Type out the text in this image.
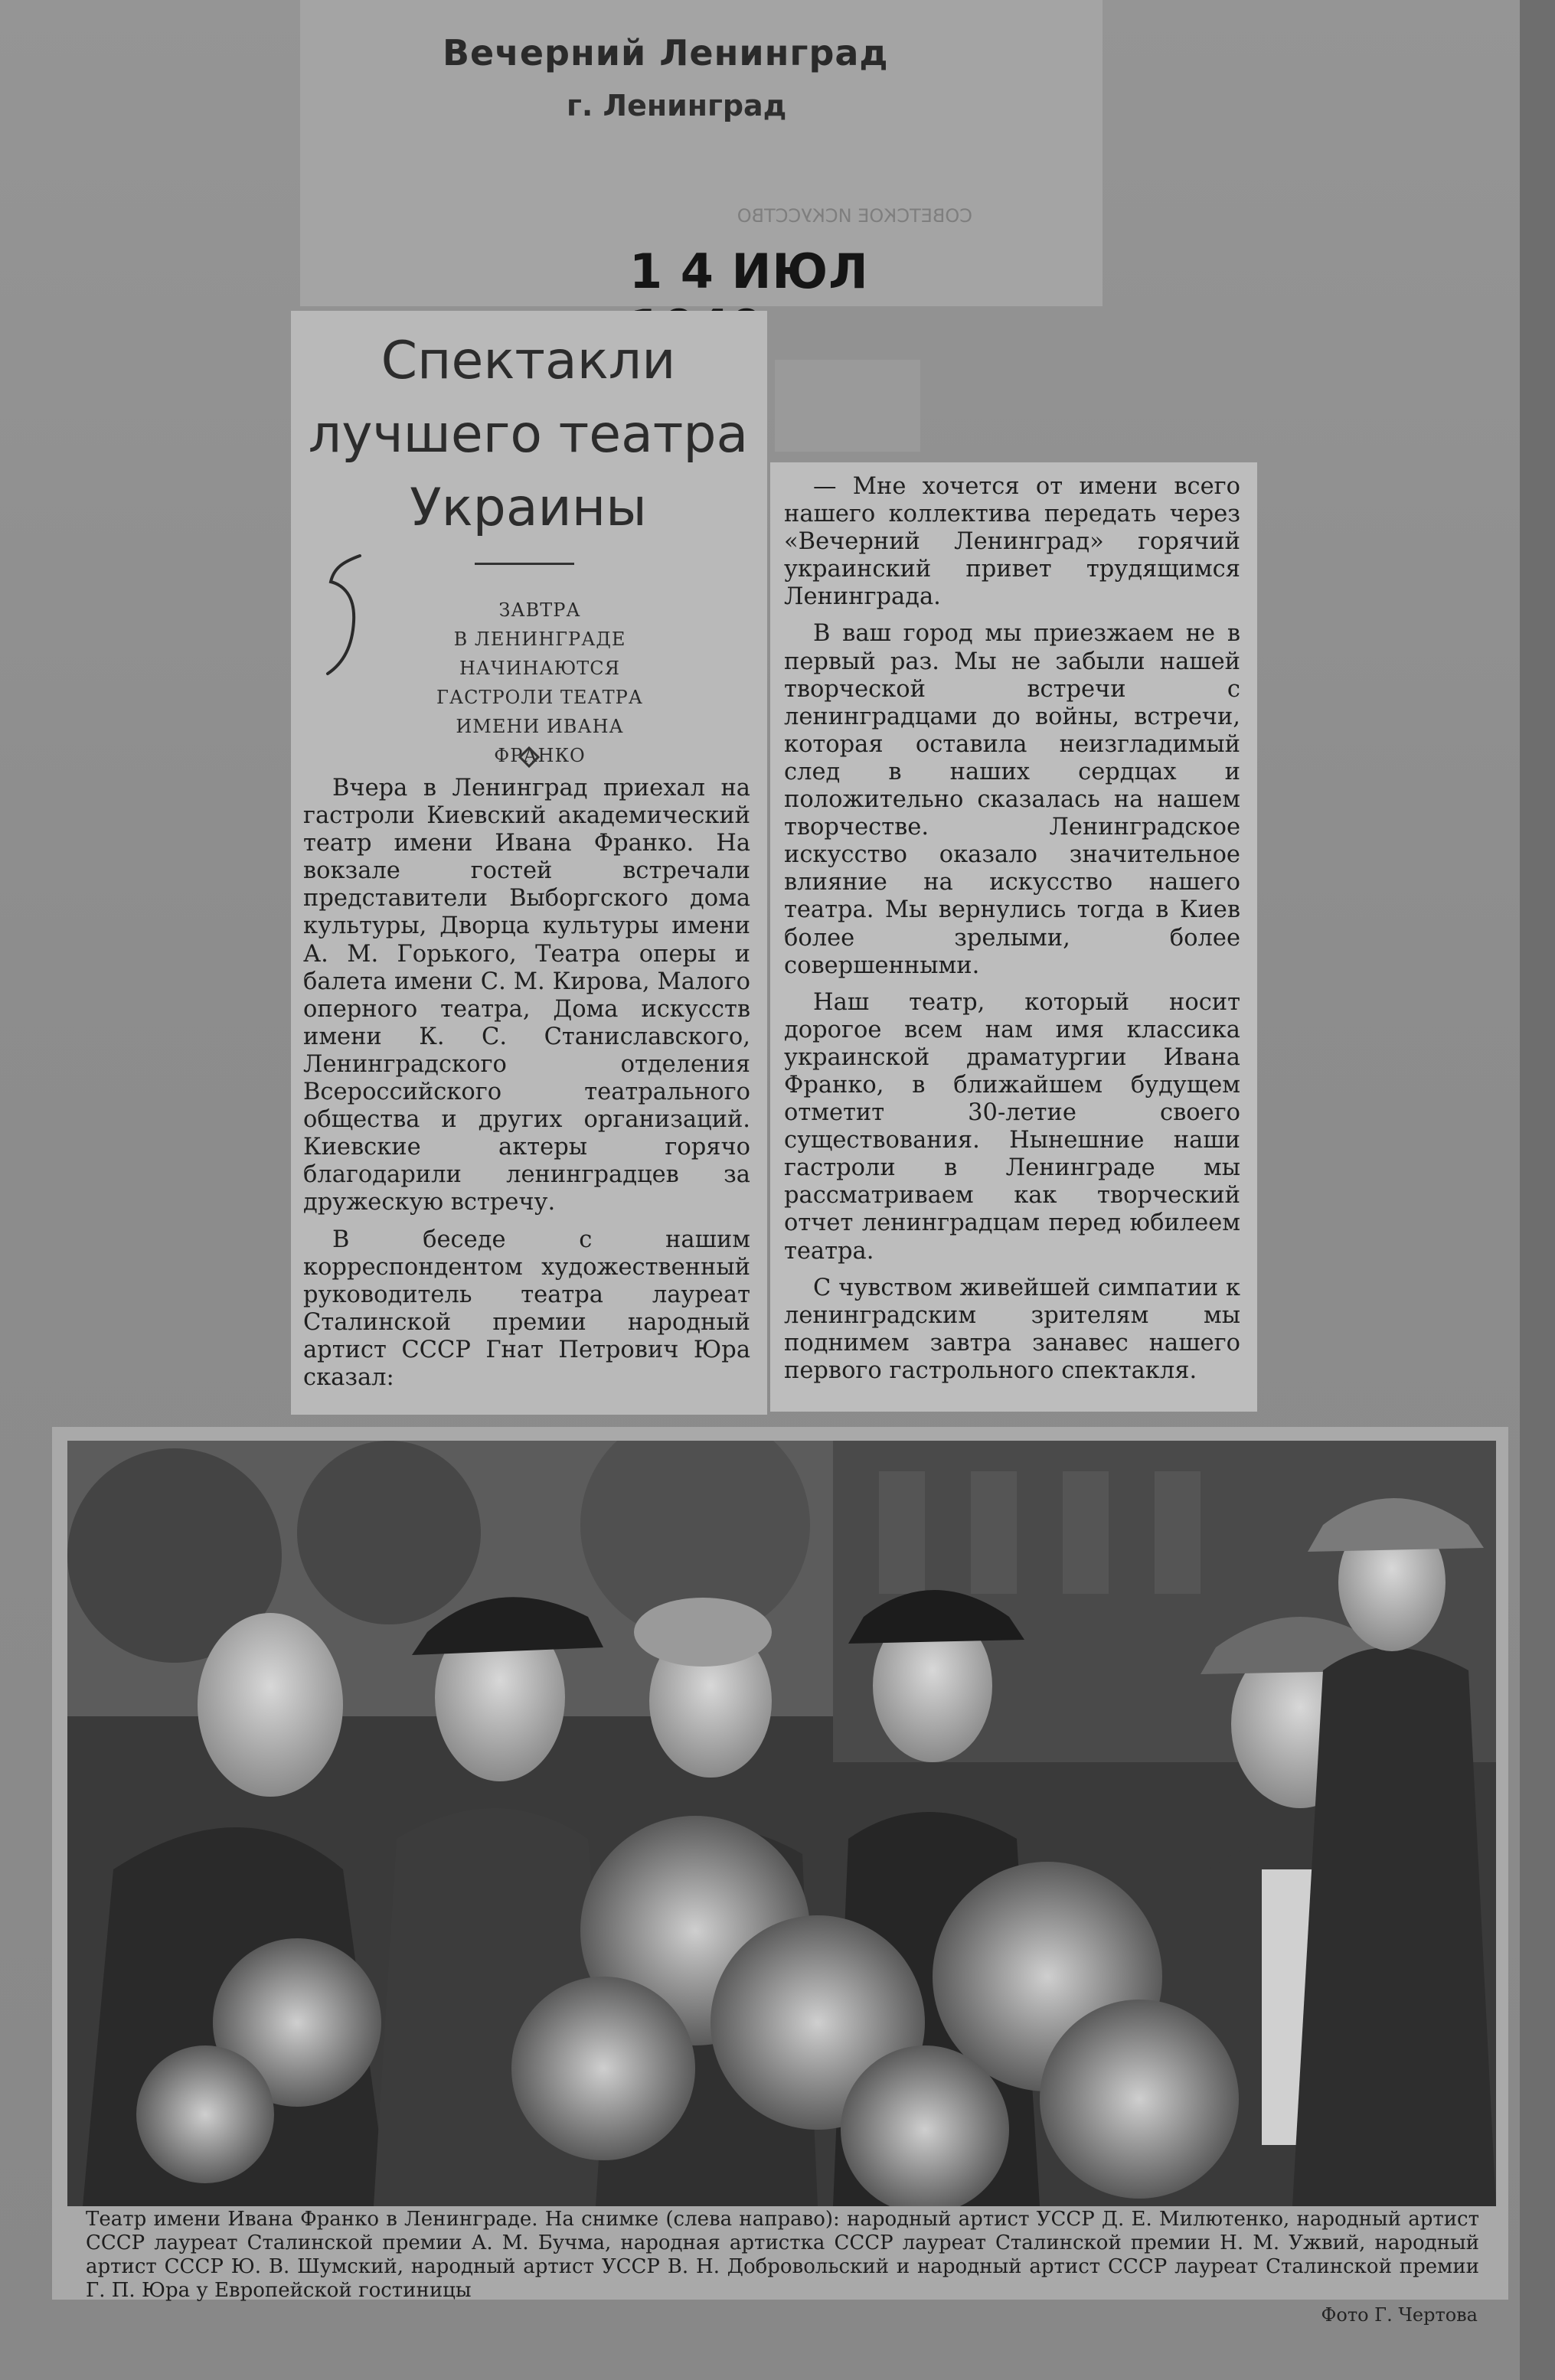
Вечерний Ленинград
г. Ленинград
СОВЕТСКОЕ ИСКУССТВО
1 4 ИЮЛ
Спектакли
лучшего театра
Украины
ЗАВТРА
В ЛЕНИНГРАДЕ
НАЧИНАЮТСЯ
ГАСТРОЛИ ТЕАТРА
ИМЕНИ ИВАНА ФРАНКО

Вчера в Ленинград приехал на гастроли Киевский академический театр имени Ивана Франко. На вокзале гостей встречали представители Выборгского дома культуры, Дворца культуры имени А. М. Горького, Театра оперы и балета имени С. М. Кирова, Малого оперного театра, Дома искусств имени К. С. Станиславского, Ленинградского отделения Всероссийского театрального общества и других организаций. Киевские актеры горячо благодарили ленинградцев за дружескую встречу.

В беседе с нашим корреспондентом художественный руководитель театра лауреат Сталинской премии народный артист СССР Гнат Петрович Юра сказал:

— Мне хочется от имени всего нашего коллектива передать через «Вечерний Ленинград» горячий украинский привет трудящимся Ленинграда.

В ваш город мы приезжаем не в первый раз. Мы не забыли нашей творческой встречи с ленинградцами до войны, встречи, которая оставила неизгладимый след в наших сердцах и положительно сказалась на нашем творчестве. Ленинградское искусство оказало значительное влияние на искусство нашего театра. Мы вернулись тогда в Киев более зрелыми, более совершенными.

Наш театр, который носит дорогое всем нам имя классика украинской драматургии Ивана Франко, в ближайшем будущем отметит 30-летие своего существования. Нынешние наши гастроли в Ленинграде мы рассматриваем как творческий отчет ленинградцам перед юбилеем театра.

С чувством живейшей симпатии к ленинградским зрителям мы поднимем завтра занавес нашего первого гастрольного спектакля.

Театр имени Ивана Франко в Ленинграде. На снимке (слева направо): народный артист УССР Д. Е. Милютенко, народный артист СССР лауреат Сталинской премии А. М. Бучма, народная артистка СССР лауреат Сталинской премии Н. М. Ужвий, народный артист СССР Ю. В. Шумский, народный артист УССР В. Н. Добровольский и народный артист СССР лауреат Сталинской премии Г. П. Юра у Европейской гостиницы
Фото Г. Чертова
